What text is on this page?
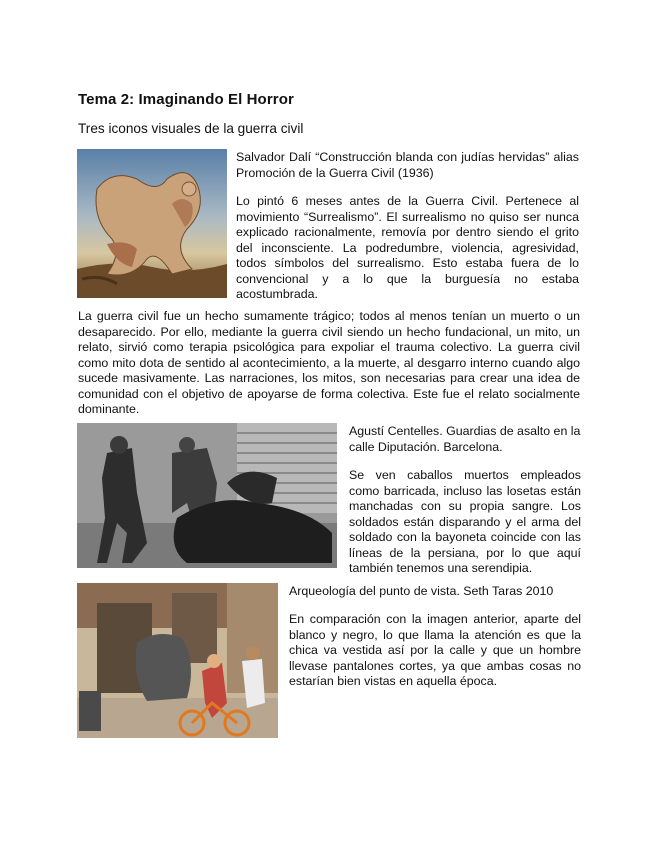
Tema 2: Imaginando El Horror
Tres iconos visuales de la guerra civil
Salvador Dalí “Construcción blanda con judías hervidas” alias Promoción de la Guerra Civil (1936)
Lo pintó 6 meses antes de la Guerra Civil. Pertenece al movimiento “Surrealismo”. El surrealismo no quiso ser nunca explicado racionalmente, removía por dentro siendo el grito del inconsciente. La podredumbre, violencia, agresividad, todos símbolos del surrealismo. Esto estaba fuera de lo convencional y a lo que la burguesía no estaba acostumbrada.
La guerra civil fue un hecho sumamente trágico; todos al menos tenían un muerto o un desaparecido. Por ello, mediante la guerra civil siendo un hecho fundacional, un mito, un relato, sirvió como terapia psicológica para expoliar el trauma colectivo. La guerra civil como mito dota de sentido al acontecimiento, a la muerte, al desgarro interno cuando algo sucede masivamente. Las narraciones, los mitos, son necesarias para crear una idea de comunidad con el objetivo de apoyarse de forma colectiva. Este fue el relato socialmente dominante.
Agustí Centelles. Guardias de asalto en la calle Diputación. Barcelona.
Se ven caballos muertos empleados como barricada, incluso las losetas están manchadas con su propia sangre. Los soldados están disparando y el arma del soldado con la bayoneta coincide con las líneas de la persiana, por lo que aquí también tenemos una serendipia.
Arqueología del punto de vista. Seth Taras 2010
En comparación con la imagen anterior, aparte del blanco y negro, lo que llama la atención es que la chica va vestida así por la calle y que un hombre llevase pantalones cortes, ya que ambas cosas no estarían bien vistas en aquella época.
